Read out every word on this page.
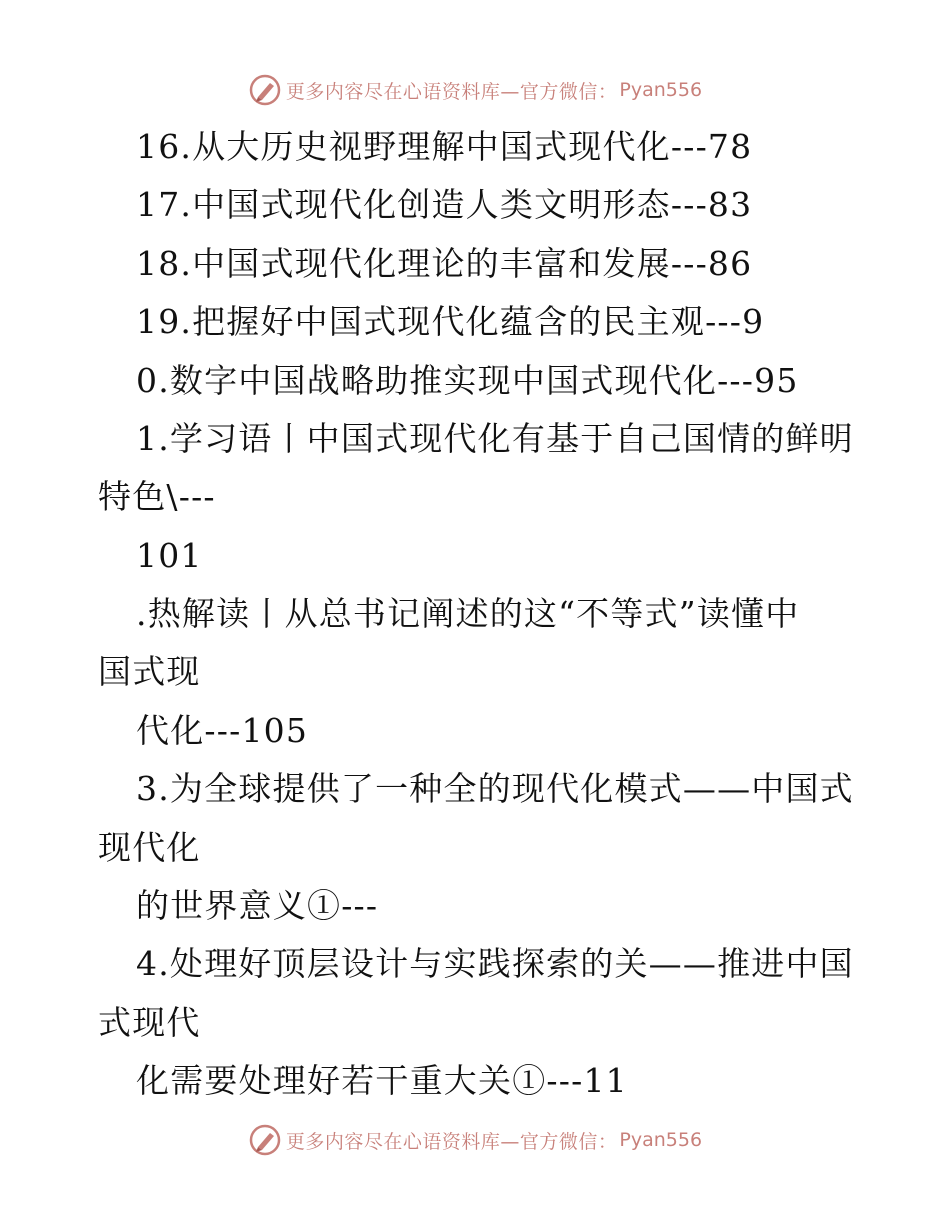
更多内容尽在心语资料库—官方微信： Pyan556
16.从大历史视野理解中国式现代化---78
17.中国式现代化创造人类文明形态---83
18.中国式现代化理论的丰富和发展---86
19.把握好中国式现代化蕴含的民主观---9
0.数字中国战略助推实现中国式现代化---95
1.学习语丨中国式现代化有基于自己国情的鲜明
特色\---
101
.热解读丨从总书记阐述的这“不等式”读懂中
国式现
代化---105
3.为全球提供了一种全的现代化模式——中国式
现代化
的世界意义①---
4.处理好顶层设计与实践探索的关——推进中国
式现代
化需要处理好若干重大关①---11
更多内容尽在心语资料库—官方微信： Pyan556
